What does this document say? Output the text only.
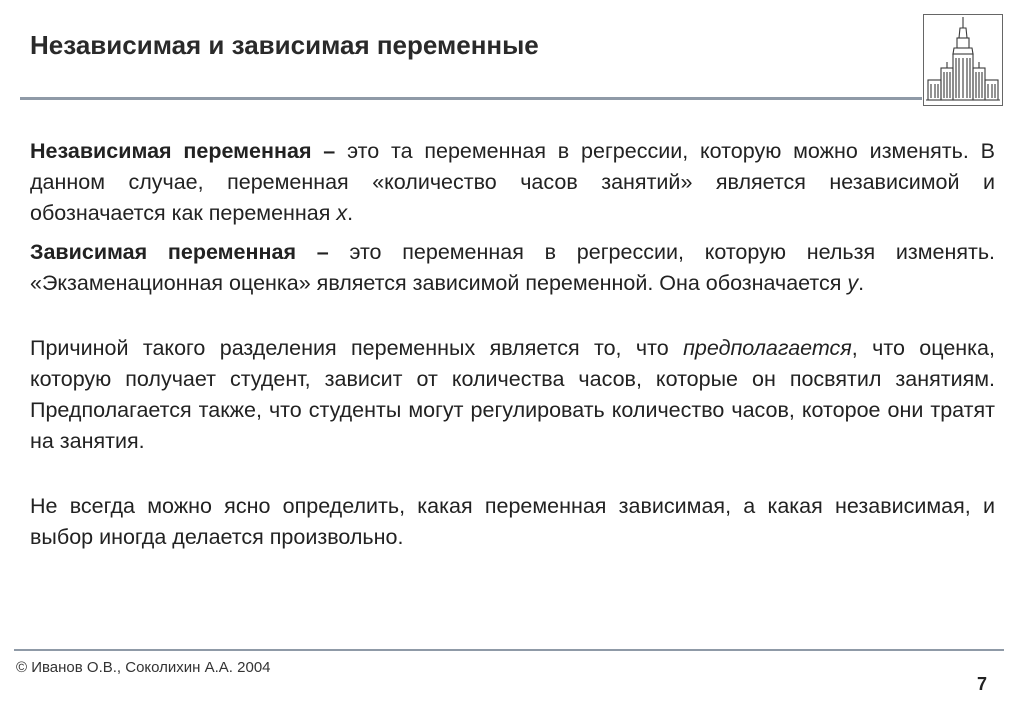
Независимая и зависимая переменные

Независимая переменная – это та переменная в регрессии, которую можно изменять. В данном случае, переменная «количество часов занятий» является независимой и обозначается как переменная x.

Зависимая переменная – это переменная в регрессии, которую нельзя изменять. «Экзаменационная оценка» является зависимой переменной. Она обозначается y.

Причиной такого разделения переменных является то, что предполагается, что оценка, которую получает студент, зависит от количества часов, которые он посвятил занятиям. Предполагается также, что студенты могут регулировать количество часов, которое они тратят на занятия.

Не всегда можно ясно определить, какая переменная зависимая, а какая независимая, и выбор иногда делается произвольно.

© Иванов О.В., Соколихин А.А. 2004
7
